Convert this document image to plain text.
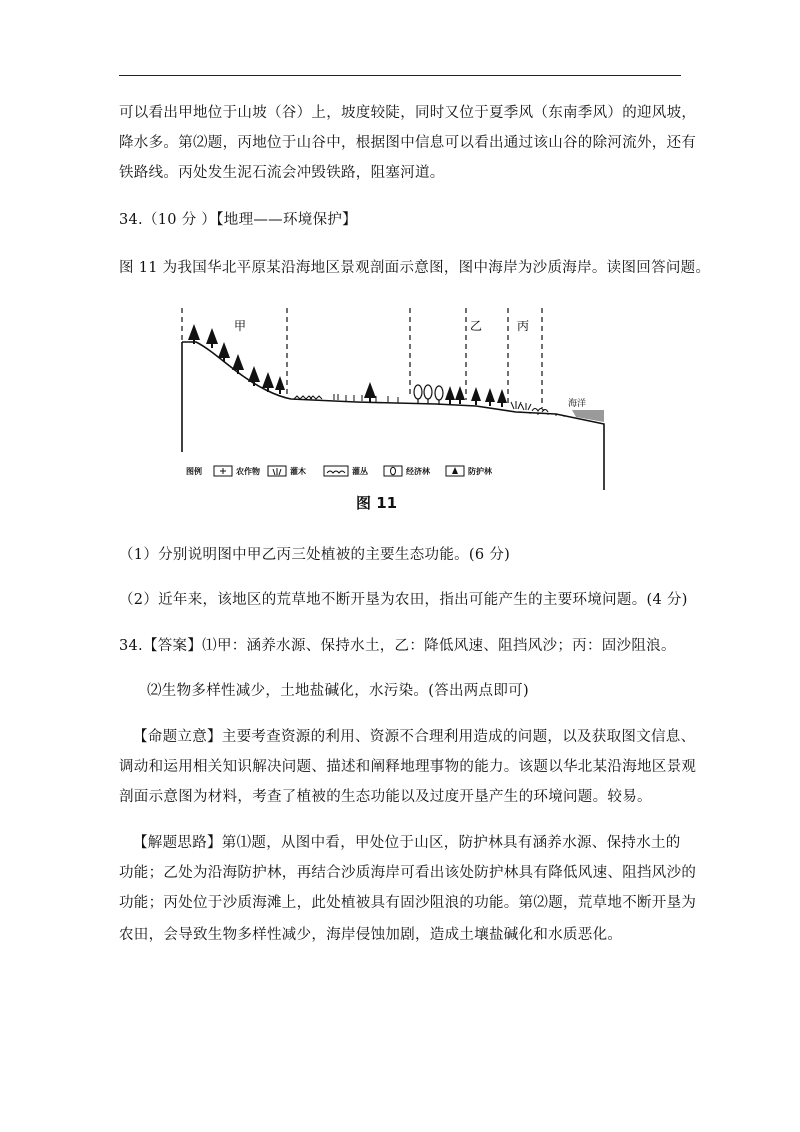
可以看出甲地位于山坡（谷）上，坡度较陡，同时又位于夏季风（东南季风）的迎风坡，
降水多。第⑵题，丙地位于山谷中，根据图中信息可以看出通过该山谷的除河流外，还有
铁路线。丙处发生泥石流会冲毁铁路，阻塞河道。
34.（10 分 ）【地理——环境保护】
图 11 为我国华北平原某沿海地区景观剖面示意图，图中海岸为沙质海岸。读图回答问题。
海洋
甲	乙	丙
图例	农作物	灌木	灌丛	经济林	防护林
图 11
（1）分别说明图中甲乙丙三处植被的主要生态功能。(6 分)
（2）近年来，该地区的荒草地不断开垦为农田，指出可能产生的主要环境问题。(4 分)
34.【答案】⑴甲：涵养水源、保持水土，乙：降低风速、阻挡风沙；丙：固沙阻浪。
⑵生物多样性减少，土地盐碱化，水污染。(答出两点即可)
【命题立意】主要考查资源的利用、资源不合理利用造成的问题，以及获取图文信息、
调动和运用相关知识解决问题、描述和阐释地理事物的能力。该题以华北某沿海地区景观
剖面示意图为材料，考查了植被的生态功能以及过度开垦产生的环境问题。较易。
【解题思路】第⑴题，从图中看，甲处位于山区，防护林具有涵养水源、保持水土的
功能；乙处为沿海防护林，再结合沙质海岸可看出该处防护林具有降低风速、阻挡风沙的
功能；丙处位于沙质海滩上，此处植被具有固沙阻浪的功能。第⑵题，荒草地不断开垦为
农田，会导致生物多样性减少，海岸侵蚀加剧，造成土壤盐碱化和水质恶化。
